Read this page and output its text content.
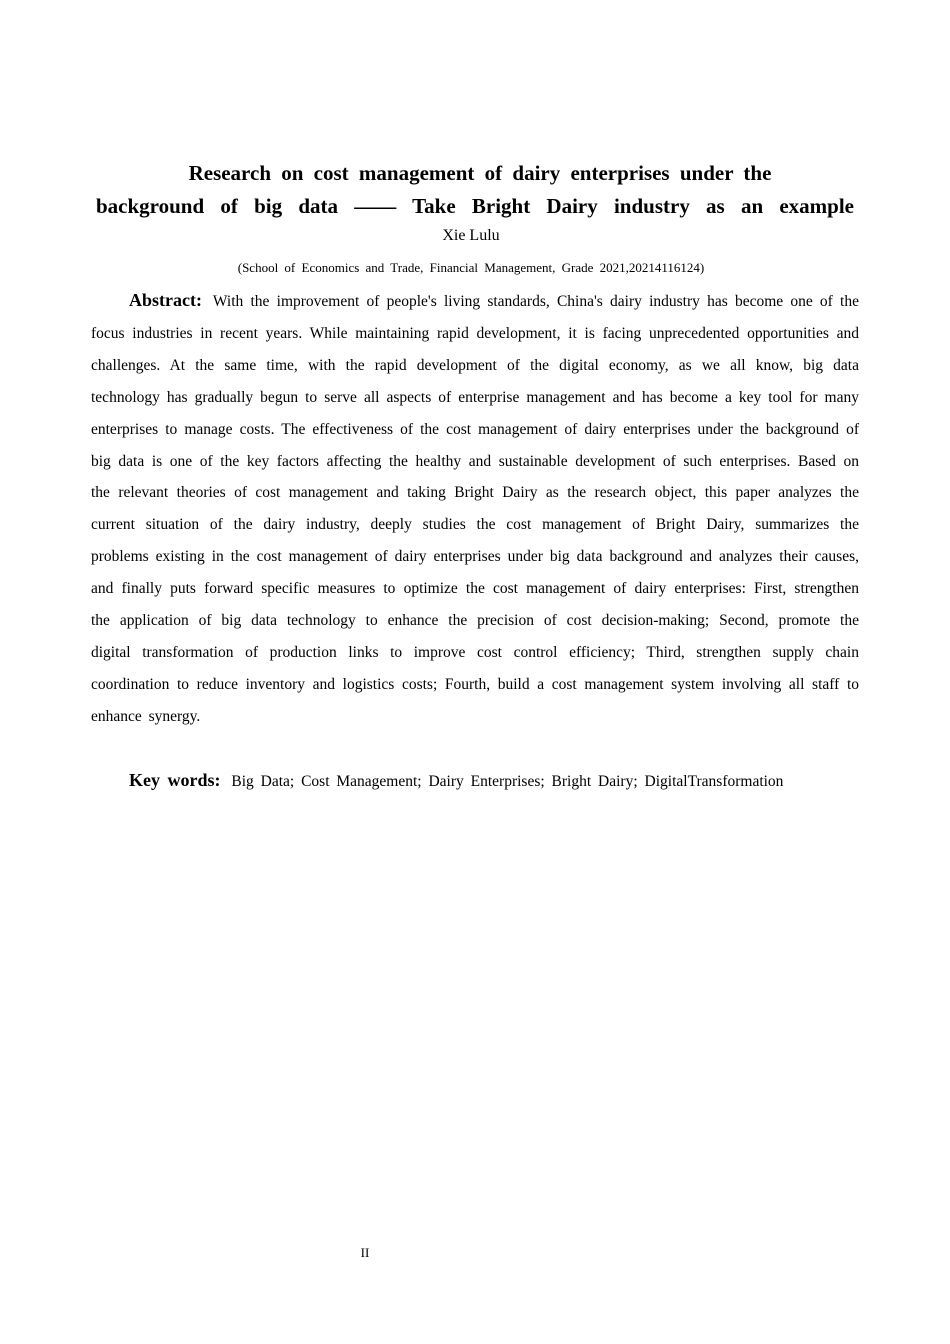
Research on cost management of dairy enterprises under the
background of big data —— Take Bright Dairy industry as an example
Xie Lulu
(School of Economics and Trade, Financial Management, Grade 2021,20214116124)

Abstract: With the improvement of people's living standards, China's dairy industry has become one of the focus industries in recent years. While maintaining rapid development, it is facing unprecedented opportunities and challenges. At the same time, with the rapid development of the digital economy, as we all know, big data technology has gradually begun to serve all aspects of enterprise management and has become a key tool for many enterprises to manage costs. The effectiveness of the cost management of dairy enterprises under the background of big data is one of the key factors affecting the healthy and sustainable development of such enterprises. Based on the relevant theories of cost management and taking Bright Dairy as the research object, this paper analyzes the current situation of the dairy industry, deeply studies the cost management of Bright Dairy, summarizes the problems existing in the cost management of dairy enterprises under big data background and analyzes their causes, and finally puts forward specific measures to optimize the cost management of dairy enterprises: First, strengthen the application of big data technology to enhance the precision of cost decision-making; Second, promote the digital transformation of production links to improve cost control efficiency; Third, strengthen supply chain coordination to reduce inventory and logistics costs; Fourth, build a cost management system involving all staff to enhance synergy.

Key words: Big Data; Cost Management; Dairy Enterprises; Bright Dairy; DigitalTransformation

II
